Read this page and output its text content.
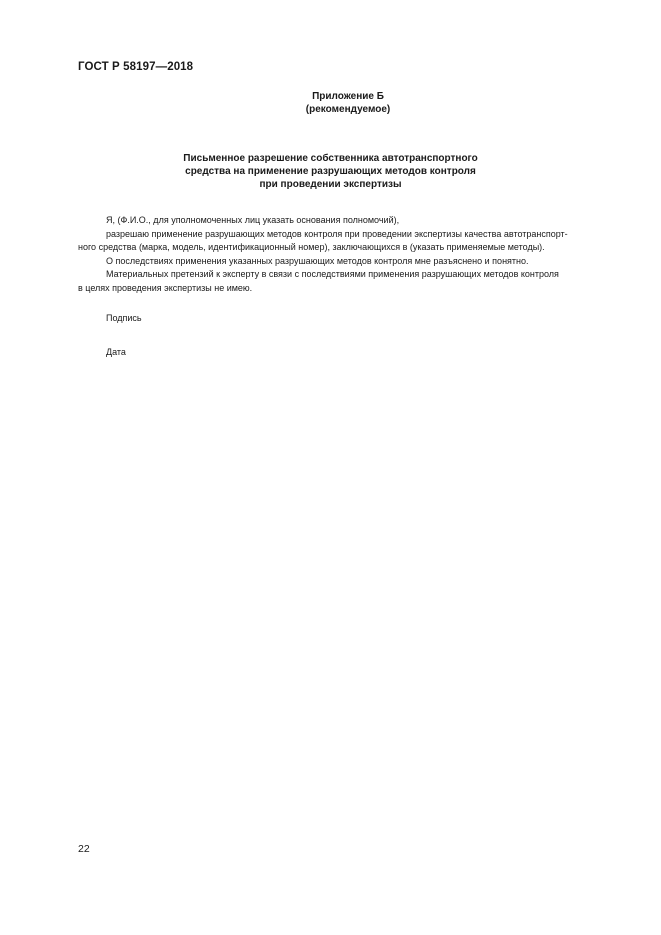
ГОСТ Р 58197—2018
Приложение Б
(рекомендуемое)
Письменное разрешение собственника автотранспортного
средства на применение разрушающих методов контроля
при проведении экспертизы
Я, (Ф.И.О., для уполномоченных лиц указать основания полномочий),
разрешаю применение разрушающих методов контроля при проведении экспертизы качества автотранспорт-
ного средства (марка, модель, идентификационный номер), заключающихся в (указать применяемые методы).
О последствиях применения указанных разрушающих методов контроля мне разъяснено и понятно.
Материальных претензий к эксперту в связи с последствиями применения разрушающих методов контроля
в целях проведения экспертизы не имею.
Подпись
Дата
22
